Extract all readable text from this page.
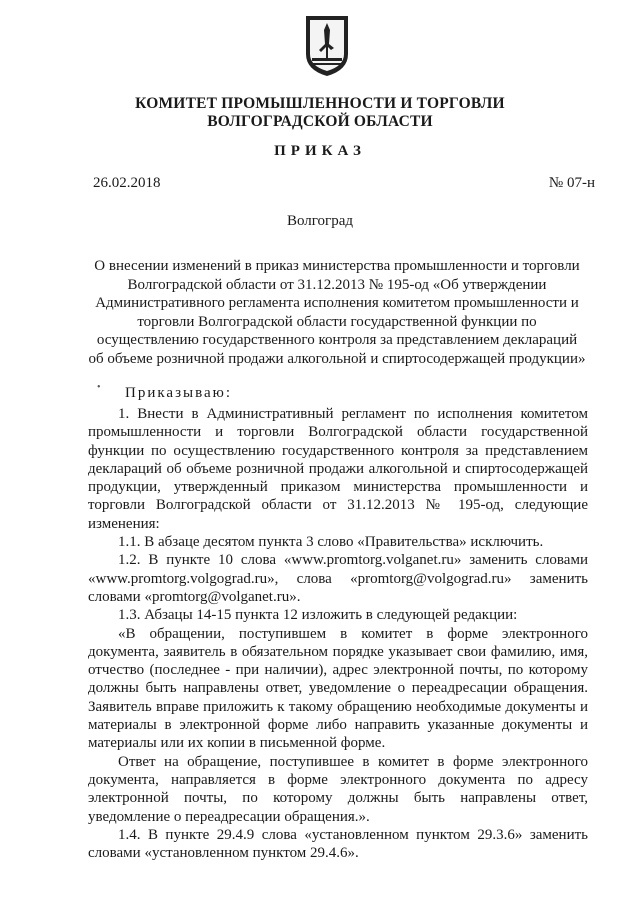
КОМИТЕТ ПРОМЫШЛЕННОСТИ И ТОРГОВЛИ
ВОЛГОГРАДСКОЙ ОБЛАСТИ
ПРИКАЗ
26.02.2018	№ 07-н
Волгоград
О внесении изменений в приказ министерства промышленности и торговли
Волгоградской области от 31.12.2013 № 195-од «Об утверждении
Административного регламента исполнения комитетом промышленности и
торговли Волгоградской области государственной функции по
осуществлению государственного контроля за представлением деклараций
об объеме розничной продажи алкогольной и спиртосодержащей продукции»
• Приказываю:

1. Внести в Административный регламент по исполнения комитетом промышленности и торговли Волгоградской области государственной функции по осуществлению государственного контроля за представлением деклараций об объеме розничной продажи алкогольной и спиртосодержащей продукции, утвержденный приказом министерства промышленности и торговли Волгоградской области от 31.12.2013 № 195-од, следующие изменения:

1.1. В абзаце десятом пункта 3 слово «Правительства» исключить.

1.2. В пункте 10 слова «www.promtorg.volganet.ru» заменить словами «www.promtorg.volgograd.ru», слова «promtorg@volgograd.ru» заменить словами «promtorg@volganet.ru».

1.3. Абзацы 14-15 пункта 12 изложить в следующей редакции:

«В обращении, поступившем в комитет в форме электронного документа, заявитель в обязательном порядке указывает свои фамилию, имя, отчество (последнее - при наличии), адрес электронной почты, по которому должны быть направлены ответ, уведомление о переадресации обращения. Заявитель вправе приложить к такому обращению необходимые документы и материалы в электронной форме либо направить указанные документы и материалы или их копии в письменной форме.

Ответ на обращение, поступившее в комитет в форме электронного документа, направляется в форме электронного документа по адресу электронной почты, по которому должны быть направлены ответ, уведомление о переадресации обращения.».

1.4. В пункте 29.4.9 слова «установленном пунктом 29.3.6» заменить словами «установленном пунктом 29.4.6».
